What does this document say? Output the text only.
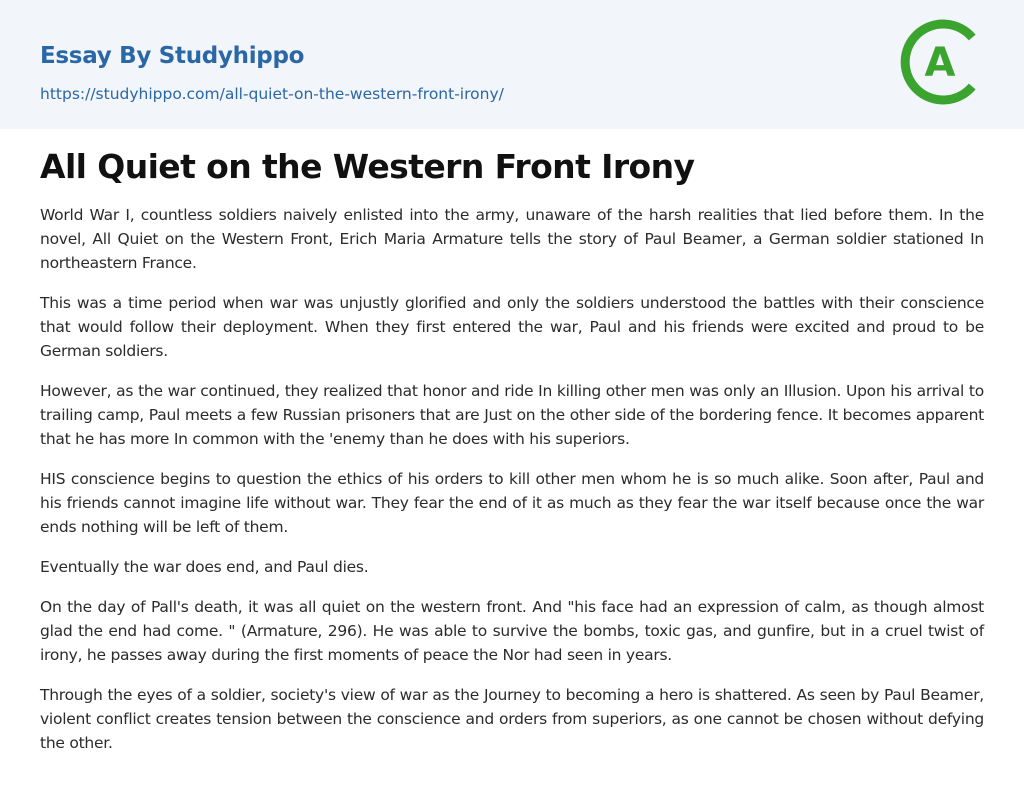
Essay By Studyhippo
https://studyhippo.com/all-quiet-on-the-western-front-irony/
A
All Quiet on the Western Front Irony

World War I, countless soldiers naively enlisted into the army, unaware of the harsh realities that lied before them. In the novel, All Quiet on the Western Front, Erich Maria Armature tells the story of Paul Beamer, a German soldier stationed In northeastern France.

This was a time period when war was unjustly glorified and only the soldiers understood the battles with their conscience that would follow their deployment. When they first entered the war, Paul and his friends were excited and proud to be German soldiers.

However, as the war continued, they realized that honor and ride In killing other men was only an Illusion. Upon his arrival to trailing camp, Paul meets a few Russian prisoners that are Just on the other side of the bordering fence. It becomes apparent that he has more In common with the 'enemy than he does with his superiors.

HIS conscience begins to question the ethics of his orders to kill other men whom he is so much alike. Soon after, Paul and his friends cannot imagine life without war. They fear the end of it as much as they fear the war itself because once the war ends nothing will be left of them.

Eventually the war does end, and Paul dies.

On the day of Pall's death, it was all quiet on the western front. And "his face had an expression of calm, as though almost glad the end had come. " (Armature, 296). He was able to survive the bombs, toxic gas, and gunfire, but in a cruel twist of irony, he passes away during the first moments of peace the Nor had seen in years.

Through the eyes of a soldier, society's view of war as the Journey to becoming a hero is shattered. As seen by Paul Beamer, violent conflict creates tension between the conscience and orders from superiors, as one cannot be chosen without defying the other.
